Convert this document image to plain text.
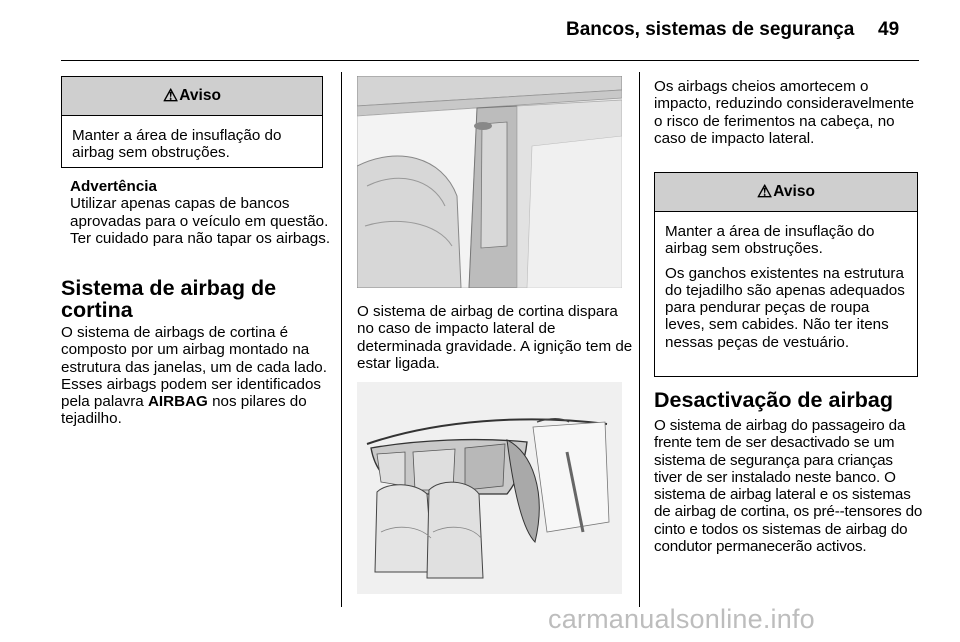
Bancos, sistemas de segurança 49
⚠ Aviso

Manter a área de insuflação do airbag sem obstruções.

Advertência

Utilizar apenas capas de bancos aprovadas para o veículo em questão. Ter cuidado para não tapar os airbags.

Sistema de airbag de cortina

O sistema de airbags de cortina é composto por um airbag montado na estrutura das janelas, um de cada lado. Esses airbags podem ser identificados pela palavra AIRBAG nos pilares do tejadilho.

O sistema de airbag de cortina dispara no caso de impacto lateral de determinada gravidade. A ignição tem de estar ligada.

Os airbags cheios amortecem o impacto, reduzindo consideravelmente o risco de ferimentos na cabeça, no caso de impacto lateral.

⚠ Aviso

Manter a área de insuflação do airbag sem obstruções.

Os ganchos existentes na estrutura do tejadilho são apenas adequados para pendurar peças de roupa leves, sem cabides. Não ter itens nessas peças de vestuário.

Desactivação de airbag

O sistema de airbag do passageiro da frente tem de ser desactivado se um sistema de segurança para crianças tiver de ser instalado neste banco. O sistema de airbag lateral e os sistemas de airbag de cortina, os pré--tensores do cinto e todos os sistemas de airbag do condutor permanecerão activos.

carmanualsonline.info
